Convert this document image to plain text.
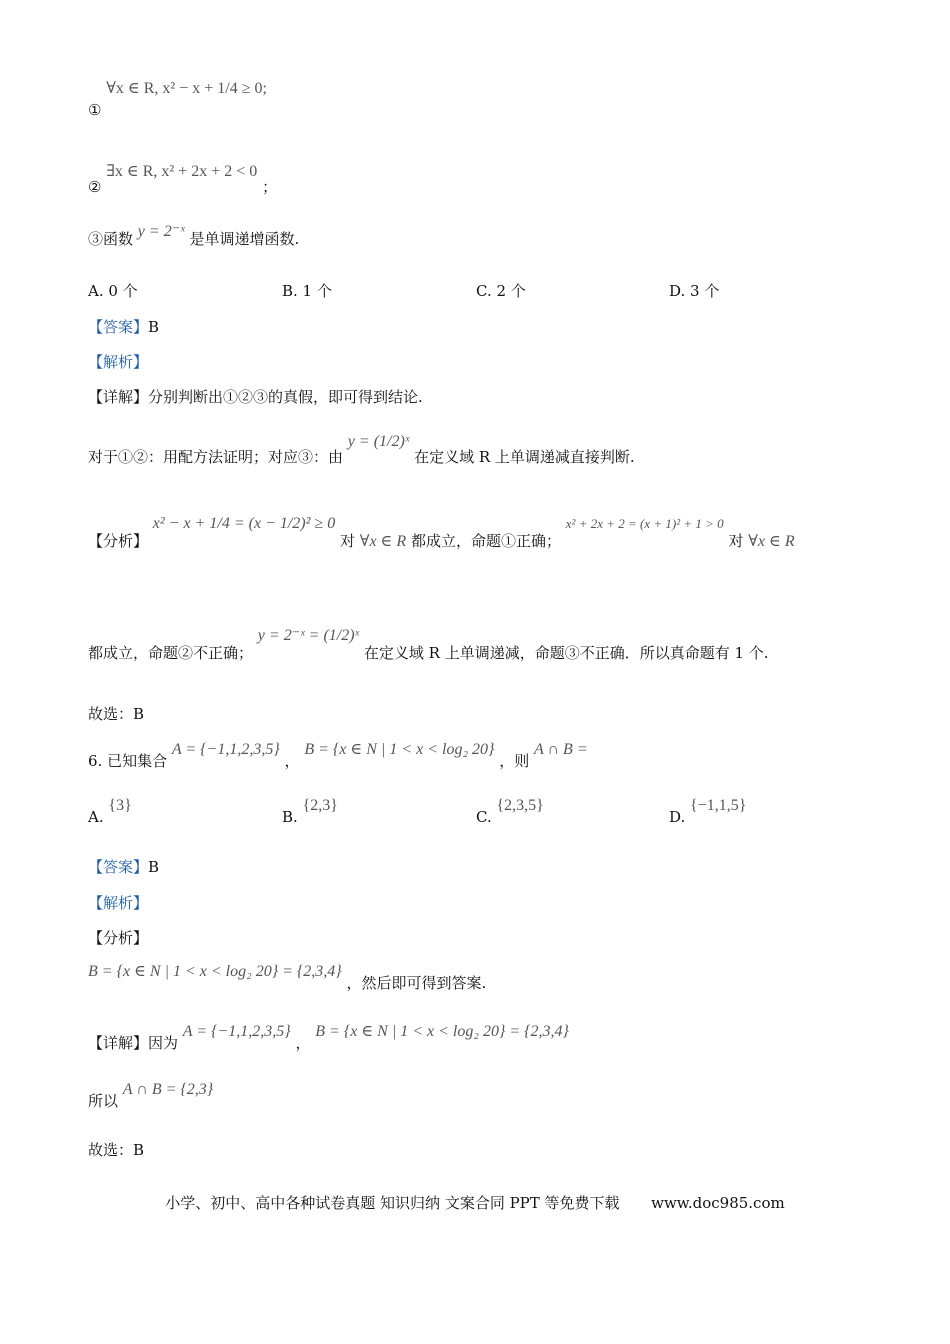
① ∀x ∈ R, x² − x + 1/4 ≥ 0;
② ∃x ∈ R, x² + 2x + 2 < 0 ；
③函数 y = 2⁻ˣ 是单调递增函数.
A. 0 个	B. 1 个	C. 2 个	D. 3 个
【答案】B
【解析】
【详解】分别判断出①②③的真假，即可得到结论.
对于①②：用配方法证明；对应③：由 y = (1/2)ˣ 在定义域 R 上单调递减直接判断.
【分析】 x² − x + 1/4 = (x − 1/2)² ≥ 0 对 ∀x ∈ R 都成立，命题①正确； x² + 2x + 2 = (x + 1)² + 1 > 0 对 ∀x ∈ R
都成立，命题②不正确； y = 2⁻ˣ = (1/2)ˣ 在定义域 R 上单调递减，命题③不正确．所以真命题有 1 个.
故选：B
6. 已知集合 A = {−1,1,2,3,5} ， B = {x ∈ N | 1 < x < log₂ 20} ，则 A ∩ B =
A. {3}
B. {2,3}
C. {2,3,5}
D. {−1,1,5}
【答案】B
【解析】
【分析】
B = {x ∈ N | 1 < x < log₂ 20} = {2,3,4} ，然后即可得到答案.
【详解】因为 A = {−1,1,2,3,5} ， B = {x ∈ N | 1 < x < log₂ 20} = {2,3,4}
所以 A ∩ B = {2,3}
故选：B
小学、初中、高中各种试卷真题 知识归纳 文案合同 PPT 等免费下载 www.doc985.com
